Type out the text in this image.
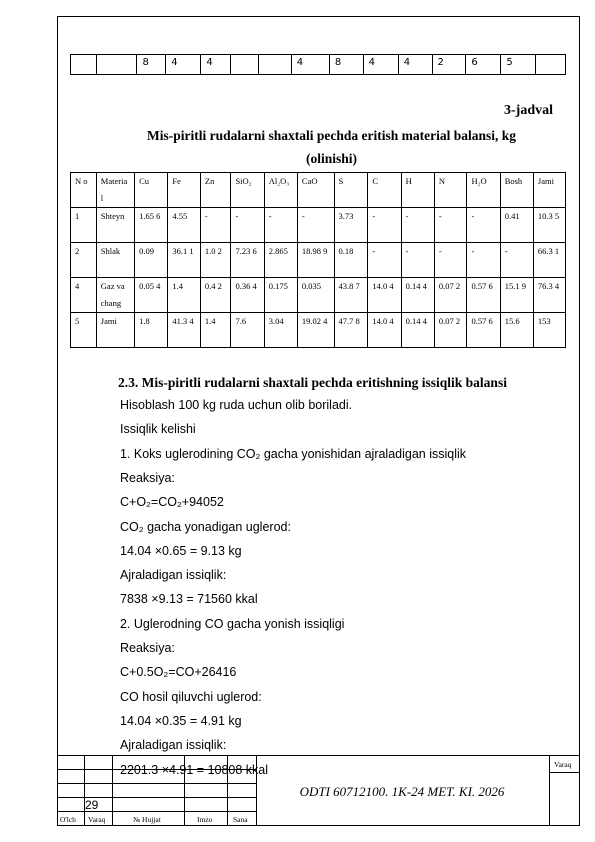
		8	4	4			4	8	4	4	2	6	5	
3-jadval
Mis-piritli rudalarni shaxtali pechda eritish material balansi, kg
(olinishi)
N o	Materia l	Cu	Fe	Zn	SiO₂	Al₂O₃	CaO	S	C	H	N	H₂O	Bosh	Jami
1	Shteyn	1.65 6	4.55	-	-	-	-	3.73	-	-	-	-	0.41	10.3 5
2	Shlak	0.09	36.1 1	1.0 2	7.23 6	2.865	18.98 9	0.18	-	-	-	-	-	66.3 1
4	Gaz va chang	0.05 4	1.4	0.4 2	0.36 4	0.175	0.035	43.8 7	14.0 4	0.14 4	0.07 2	0.57 6	15.1 9	76.3 4
5	Jami	1.8	41.3 4	1.4	7.6	3.04	19.02 4	47.7 8	14.0 4	0.14 4	0.07 2	0.57 6	15.6	153
2.3. Mis-piritli rudalarni shaxtali pechda eritishning issiqlik balansi
Hisoblash 100 kg ruda uchun olib boriladi.
Issiqlik kelishi
1. Koks uglerodining CO₂ gacha yonishidan ajraladigan issiqlik
Reaksiya:
C+O₂=CO₂+94052
CO₂ gacha yonadigan uglerod:
14.04 ×0.65 = 9.13 kg
Ajraladigan issiqlik:
7838 ×9.13 = 71560 kkal
2. Uglerodning CO gacha yonish issiqligi
Reaksiya:
C+0.5O₂=CO+26416
CO hosil qiluvchi uglerod:
14.04 ×0.35 = 4.91 kg
Ajraladigan issiqlik:
2201.3 ×4.91 = 10808 kkal
29
ODTI 60712100. 1K-24 MET. KI. 2026
Varaq
O'lch Varaq	№ Hujjat	Imzo	Sana
